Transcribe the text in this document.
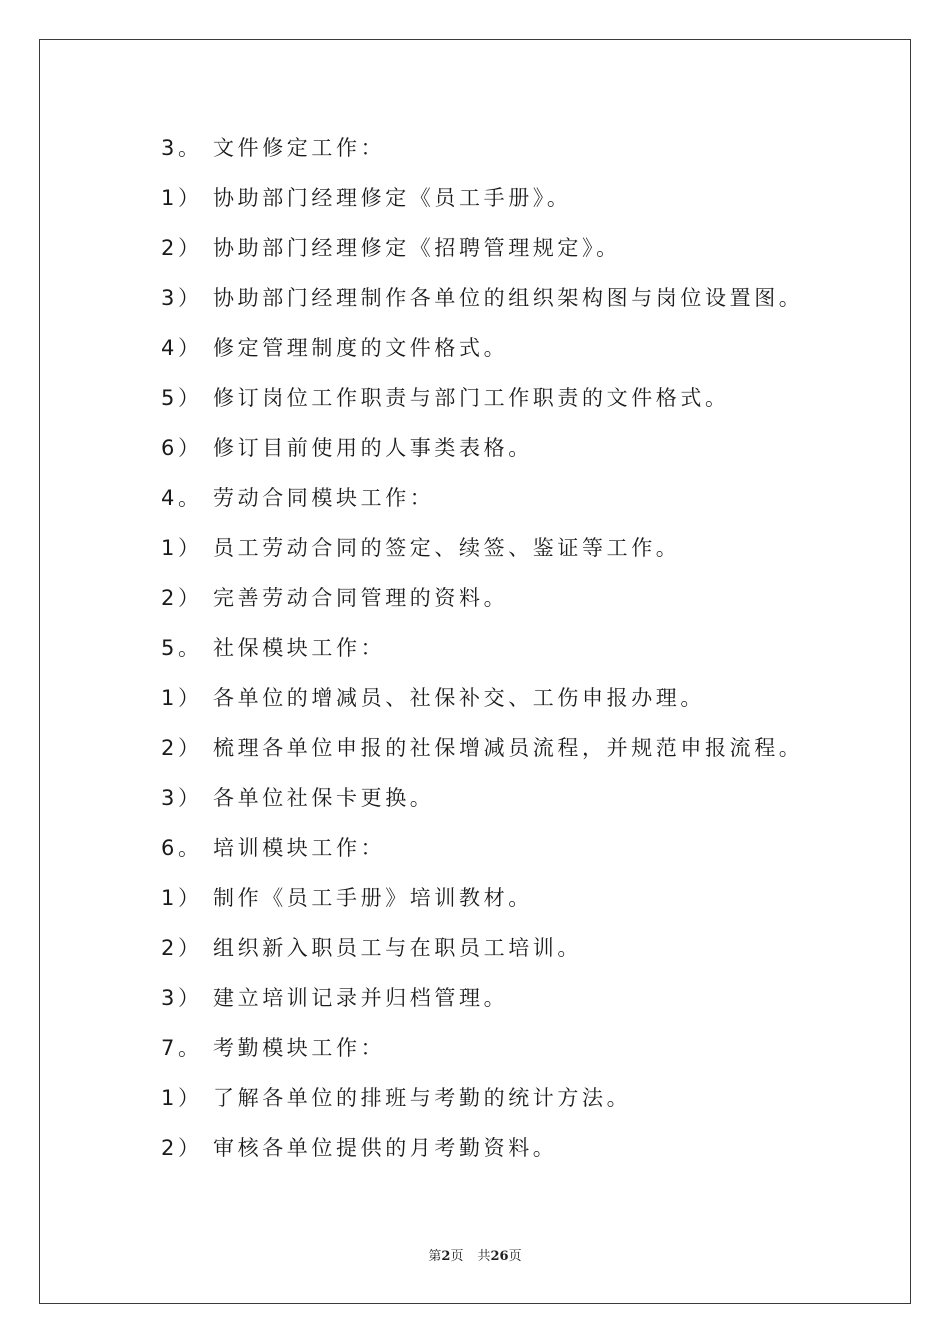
3。 文件修定工作：
1） 协助部门经理修定《员工手册》。
2） 协助部门经理修定《招聘管理规定》。
3） 协助部门经理制作各单位的组织架构图与岗位设置图。
4） 修定管理制度的文件格式。
5） 修订岗位工作职责与部门工作职责的文件格式。
6） 修订目前使用的人事类表格。
4。 劳动合同模块工作：
1） 员工劳动合同的签定、续签、鉴证等工作。
2） 完善劳动合同管理的资料。
5。 社保模块工作：
1） 各单位的增减员、社保补交、工伤申报办理。
2） 梳理各单位申报的社保增减员流程，并规范申报流程。
3） 各单位社保卡更换。
6。 培训模块工作：
1） 制作《员工手册》培训教材。
2） 组织新入职员工与在职员工培训。
3） 建立培训记录并归档管理。
7。 考勤模块工作：
1） 了解各单位的排班与考勤的统计方法。
2） 审核各单位提供的月考勤资料。
第2页 共26页
